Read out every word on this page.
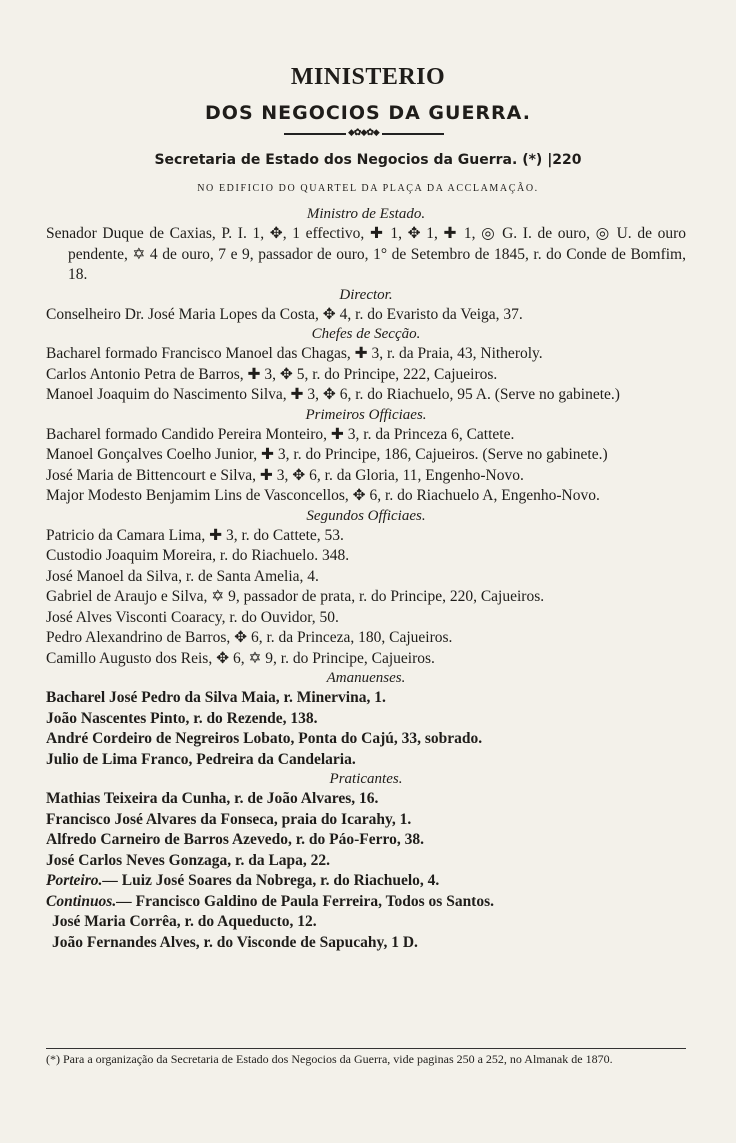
MINISTERIO
DOS NEGOCIOS DA GUERRA.
◆✿◆✿◆
Secretaria de Estado dos Negocios da Guerra. (*) |220
NO EDIFICIO DO QUARTEL DA PLAÇA DA ACCLAMAÇÃO.

Ministro de Estado.

Senador Duque de Caxias, P. I. 1, ✥, 1 effectivo, ✚ 1, ✥ 1, ✚ 1, ◎ G. I. de ouro, ◎ U. de ouro pendente, ✡ 4 de ouro, 7 e 9, passador de ouro, 1° de Setembro de 1845, r. do Conde de Bomfim, 18.

Director.

Conselheiro Dr. José Maria Lopes da Costa, ✥ 4, r. do Evaristo da Veiga, 37.

Chefes de Secção.

Bacharel formado Francisco Manoel das Chagas, ✚ 3, r. da Praia, 43, Nitheroly.

Carlos Antonio Petra de Barros, ✚ 3, ✥ 5, r. do Principe, 222, Cajueiros.

Manoel Joaquim do Nascimento Silva, ✚ 3, ✥ 6, r. do Riachuelo, 95 A. (Serve no gabinete.)

Primeiros Officiaes.

Bacharel formado Candido Pereira Monteiro, ✚ 3, r. da Princeza 6, Cattete.

Manoel Gonçalves Coelho Junior, ✚ 3, r. do Principe, 186, Cajueiros. (Serve no gabinete.)

José Maria de Bittencourt e Silva, ✚ 3, ✥ 6, r. da Gloria, 11, Engenho-Novo.

Major Modesto Benjamim Lins de Vasconcellos, ✥ 6, r. do Riachuelo A, Engenho-Novo.

Segundos Officiaes.

Patricio da Camara Lima, ✚ 3, r. do Cattete, 53.

Custodio Joaquim Moreira, r. do Riachuelo. 348.

José Manoel da Silva, r. de Santa Amelia, 4.

Gabriel de Araujo e Silva, ✡ 9, passador de prata, r. do Principe, 220, Cajueiros.

José Alves Visconti Coaracy, r. do Ouvidor, 50.

Pedro Alexandrino de Barros, ✥ 6, r. da Princeza, 180, Cajueiros.

Camillo Augusto dos Reis, ✥ 6, ✡ 9, r. do Principe, Cajueiros.

Amanuenses.

Bacharel José Pedro da Silva Maia, r. Minervina, 1.

João Nascentes Pinto, r. do Rezende, 138.

André Cordeiro de Negreiros Lobato, Ponta do Cajú, 33, sobrado.

Julio de Lima Franco, Pedreira da Candelaria.

Praticantes.

Mathias Teixeira da Cunha, r. de João Alvares, 16.

Francisco José Alvares da Fonseca, praia do Icarahy, 1.

Alfredo Carneiro de Barros Azevedo, r. do Páo-Ferro, 38.

José Carlos Neves Gonzaga, r. da Lapa, 22.

Porteiro.— Luiz José Soares da Nobrega, r. do Riachuelo, 4.

Continuos.— Francisco Galdino de Paula Ferreira, Todos os Santos.

José Maria Corrêa, r. do Aqueducto, 12.

João Fernandes Alves, r. do Visconde de Sapucahy, 1 D.

(*) Para a organização da Secretaria de Estado dos Negocios da Guerra, vide paginas 250 a 252, no Almanak de 1870.
